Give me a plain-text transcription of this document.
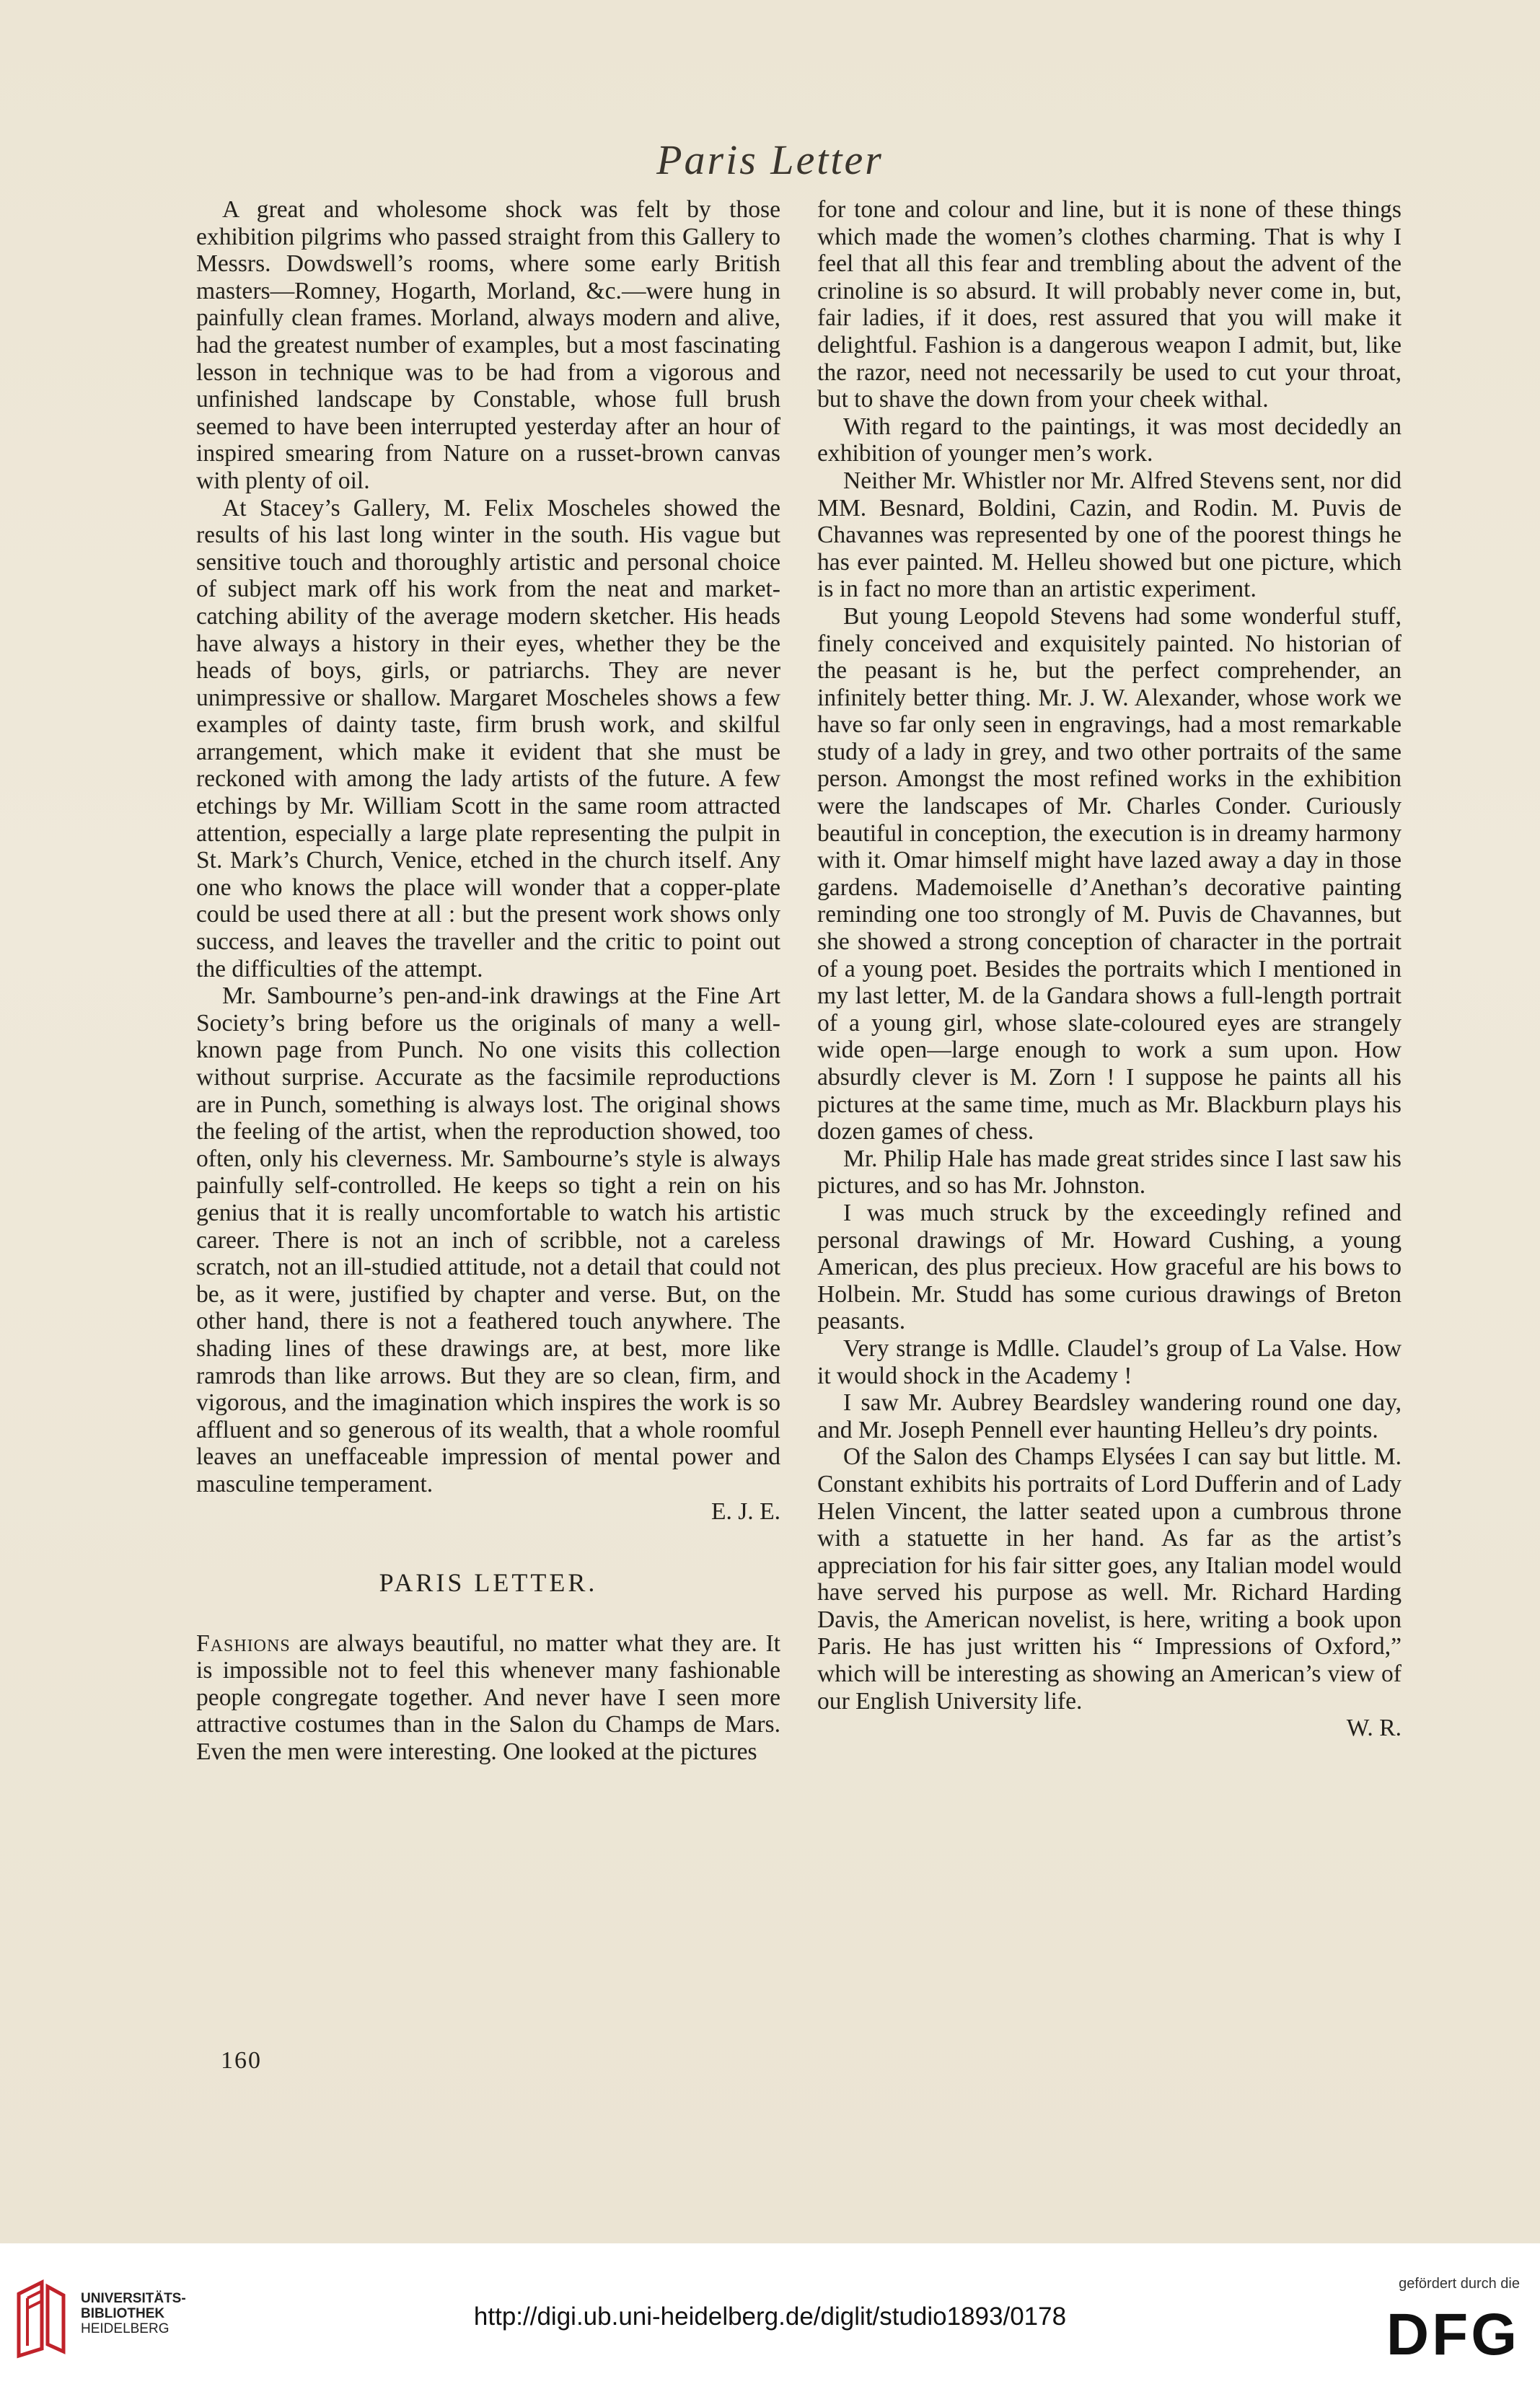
Paris Letter

A great and wholesome shock was felt by those exhibition pilgrims who passed straight from this Gallery to Messrs. Dowdswell’s rooms, where some early British masters—Romney, Hogarth, Morland, &c.—were hung in painfully clean frames. Morland, always modern and alive, had the greatest number of examples, but a most fascinating lesson in technique was to be had from a vigorous and unfinished landscape by Constable, whose full brush seemed to have been interrupted yesterday after an hour of inspired smearing from Nature on a russet-brown canvas with plenty of oil.

At Stacey’s Gallery, M. Felix Moscheles showed the results of his last long winter in the south. His vague but sensitive touch and thoroughly artistic and personal choice of subject mark off his work from the neat and market-catching ability of the average modern sketcher. His heads have always a history in their eyes, whether they be the heads of boys, girls, or patriarchs. They are never unimpressive or shallow. Margaret Moscheles shows a few examples of dainty taste, firm brush work, and skilful arrangement, which make it evident that she must be reckoned with among the lady artists of the future. A few etchings by Mr. William Scott in the same room attracted attention, especially a large plate representing the pulpit in St. Mark’s Church, Venice, etched in the church itself. Any one who knows the place will wonder that a copper-plate could be used there at all : but the present work shows only success, and leaves the traveller and the critic to point out the difficulties of the attempt.

Mr. Sambourne’s pen-and-ink drawings at the Fine Art Society’s bring before us the originals of many a well-known page from Punch. No one visits this collection without surprise. Accurate as the facsimile reproductions are in Punch, something is always lost. The original shows the feeling of the artist, when the reproduction showed, too often, only his cleverness. Mr. Sambourne’s style is always painfully self-controlled. He keeps so tight a rein on his genius that it is really uncomfortable to watch his artistic career. There is not an inch of scribble, not a careless scratch, not an ill-studied attitude, not a detail that could not be, as it were, justified by chapter and verse. But, on the other hand, there is not a feathered touch anywhere. The shading lines of these drawings are, at best, more like ramrods than like arrows. But they are so clean, firm, and vigorous, and the imagination which inspires the work is so affluent and so generous of its wealth, that a whole roomful leaves an uneffaceable impression of mental power and masculine temperament.
E. J. E.

PARIS LETTER.

Fashions are always beautiful, no matter what they are. It is impossible not to feel this whenever many fashionable people congregate together. And never have I seen more attractive costumes than in the Salon du Champs de Mars. Even the men were interesting. One looked at the pictures

for tone and colour and line, but it is none of these things which made the women’s clothes charming. That is why I feel that all this fear and trembling about the advent of the crinoline is so absurd. It will probably never come in, but, fair ladies, if it does, rest assured that you will make it delightful. Fashion is a dangerous weapon I admit, but, like the razor, need not necessarily be used to cut your throat, but to shave the down from your cheek withal.

With regard to the paintings, it was most decidedly an exhibition of younger men’s work.

Neither Mr. Whistler nor Mr. Alfred Stevens sent, nor did MM. Besnard, Boldini, Cazin, and Rodin. M. Puvis de Chavannes was represented by one of the poorest things he has ever painted. M. Helleu showed but one picture, which is in fact no more than an artistic experiment.

But young Leopold Stevens had some wonderful stuff, finely conceived and exquisitely painted. No historian of the peasant is he, but the perfect comprehender, an infinitely better thing. Mr. J. W. Alexander, whose work we have so far only seen in engravings, had a most remarkable study of a lady in grey, and two other portraits of the same person. Amongst the most refined works in the exhibition were the landscapes of Mr. Charles Conder. Curiously beautiful in conception, the execution is in dreamy harmony with it. Omar himself might have lazed away a day in those gardens. Mademoiselle d’Anethan’s decorative painting reminding one too strongly of M. Puvis de Chavannes, but she showed a strong conception of character in the portrait of a young poet. Besides the portraits which I mentioned in my last letter, M. de la Gandara shows a full-length portrait of a young girl, whose slate-coloured eyes are strangely wide open—large enough to work a sum upon. How absurdly clever is M. Zorn ! I suppose he paints all his pictures at the same time, much as Mr. Blackburn plays his dozen games of chess.

Mr. Philip Hale has made great strides since I last saw his pictures, and so has Mr. Johnston.

I was much struck by the exceedingly refined and personal drawings of Mr. Howard Cushing, a young American, des plus precieux. How graceful are his bows to Holbein. Mr. Studd has some curious drawings of Breton peasants.

Very strange is Mdlle. Claudel’s group of La Valse. How it would shock in the Academy !

I saw Mr. Aubrey Beardsley wandering round one day, and Mr. Joseph Pennell ever haunting Helleu’s dry points.

Of the Salon des Champs Elysées I can say but little. M. Constant exhibits his portraits of Lord Dufferin and of Lady Helen Vincent, the latter seated upon a cumbrous throne with a statuette in her hand. As far as the artist’s appreciation for his fair sitter goes, any Italian model would have served his purpose as well. Mr. Richard Harding Davis, the American novelist, is here, writing a book upon Paris. He has just written his “ Impressions of Oxford,” which will be interesting as showing an American’s view of our English University life.
W. R.

160
UNIVERSITÄTS-
BIBLIOTHEK
HEIDELBERG	http://digi.ub.uni-heidelberg.de/diglit/studio1893/0178
gefördert durch die
DFG
